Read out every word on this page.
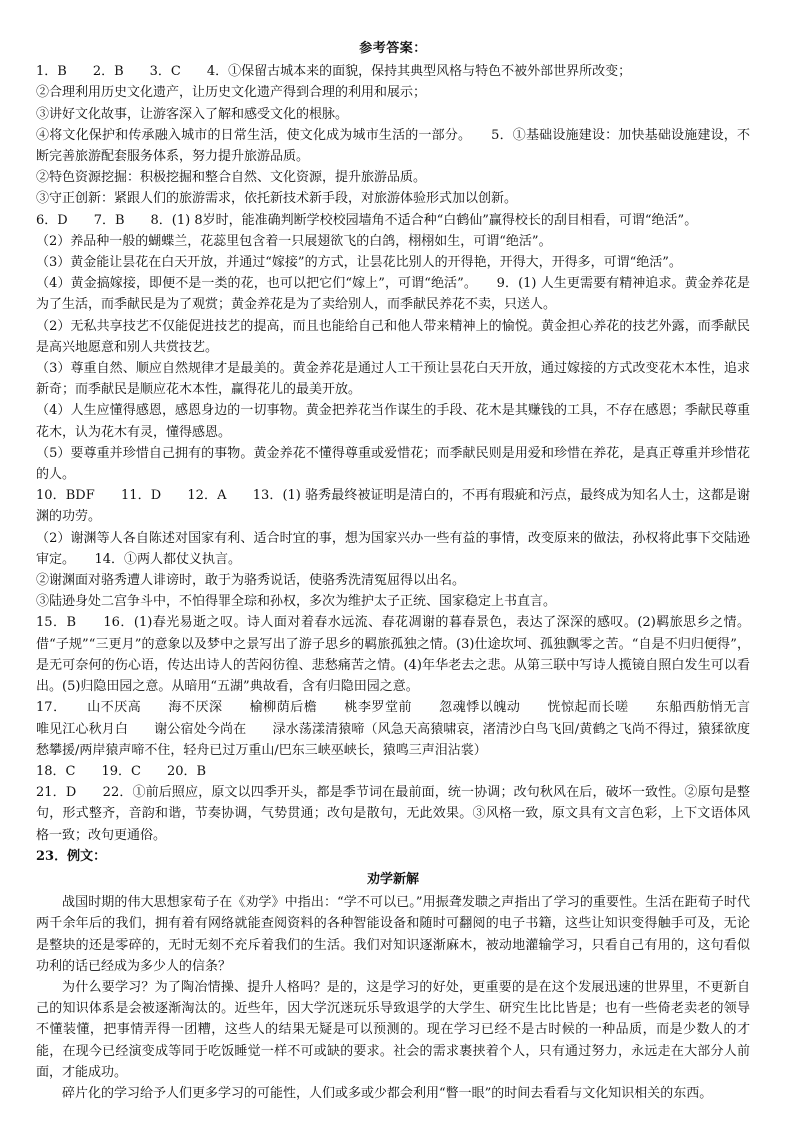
参考答案：

1．B　　2．B　　3．C　　4．①保留古城本来的面貌，保持其典型风格与特色不被外部世界所改变；

②合理利用历史文化遗产，让历史文化遗产得到合理的利用和展示；

③讲好文化故事，让游客深入了解和感受文化的根脉。

④将文化保护和传承融入城市的日常生活，使文化成为城市生活的一部分。　　5．①基础设施建设：加快基础设施建设，不断完善旅游配套服务体系，努力提升旅游品质。

②特色资源挖掘：积极挖掘和整合自然、文化资源，提升旅游品质。

③守正创新：紧跟人们的旅游需求，依托新技术新手段，对旅游体验形式加以创新。

6．D　　7．B　　8．(1) 8岁时，能准确判断学校校园墙角不适合种“白鹤仙”赢得校长的刮目相看，可谓“绝活”。

（2）养品种一般的蝴蝶兰，花蕊里包含着一只展翅欲飞的白鸽，栩栩如生，可谓“绝活”。

（3）黄金能让昙花在白天开放，并通过“嫁接”的方式，让昙花比别人的开得艳，开得大，开得多，可谓“绝活”。

（4）黄金搞嫁接，即便不是一类的花，也可以把它们“嫁上”，可谓“绝活”。　　9．(1) 人生更需要有精神追求。黄金养花是为了生活，而季献民是为了观赏；黄金养花是为了卖给别人，而季献民养花不卖，只送人。

（2）无私共享技艺不仅能促进技艺的提高，而且也能给自己和他人带来精神上的愉悦。黄金担心养花的技艺外露，而季献民是高兴地愿意和别人共赏技艺。

（3）尊重自然、顺应自然规律才是最美的。黄金养花是通过人工干预让昙花白天开放，通过嫁接的方式改变花木本性，追求新奇；而季献民是顺应花木本性，赢得花儿的最美开放。

（4）人生应懂得感恩，感恩身边的一切事物。黄金把养花当作谋生的手段、花木是其赚钱的工具，不存在感恩；季献民尊重花木，认为花木有灵，懂得感恩。

（5）要尊重并珍惜自己拥有的事物。黄金养花不懂得尊重或爱惜花；而季献民则是用爱和珍惜在养花，是真正尊重并珍惜花的人。

10．BDF　　11．D　　12．A　　13．(1) 骆秀最终被证明是清白的，不再有瑕疵和污点，最终成为知名人士，这都是谢渊的功劳。

（2）谢渊等人各自陈述对国家有利、适合时宜的事，想为国家兴办一些有益的事情，改变原来的做法，孙权将此事下交陆逊审定。　　14．①两人都仗义执言。

②谢渊面对骆秀遭人诽谤时，敢于为骆秀说话，使骆秀洗清冤屈得以出名。

③陆逊身处二宫争斗中，不怕得罪全琮和孙权，多次为维护太子正统、国家稳定上书直言。

15．B　　16．(1)春光易逝之叹。诗人面对着春水远流、春花凋谢的暮春景色，表达了深深的感叹。(2)羁旅思乡之情。借“子规”“三更月”的意象以及梦中之景写出了游子思乡的羁旅孤独之情。(3)仕途坎坷、孤独飘零之苦。“自是不归归便得”，是无可奈何的伤心语，传达出诗人的苦闷彷徨、悲愁痛苦之情。(4)年华老去之悲。从第三联中写诗人揽镜自照白发生可以看出。(5)归隐田园之意。从暗用“五湖”典故看，含有归隐田园之意。

17．　　山不厌高　　海不厌深　　榆柳荫后檐　　桃李罗堂前　　忽魂悸以魄动　　恍惊起而长嗟　　东船西舫悄无言　　唯见江心秋月白　　谢公宿处今尚在　　渌水荡漾清猿啼（风急天高猿啸哀，渚清沙白鸟飞回/黄鹤之飞尚不得过，猿猱欲度愁攀援/两岸猿声啼不住，轻舟已过万重山/巴东三峡巫峡长，猿鸣三声泪沾裳）

18．C　　19．C　　20．B

21．D　　22．①前后照应，原文以四季开头，都是季节词在最前面，统一协调；改句秋风在后，破坏一致性。②原句是整句，形式整齐，音韵和谐，节奏协调，气势贯通；改句是散句，无此效果。③风格一致，原文具有文言色彩，上下文语体风格一致；改句更通俗。

23．例文：

劝学新解

战国时期的伟大思想家荀子在《劝学》中指出：“学不可以已。”用振聋发聩之声指出了学习的重要性。生活在距荀子时代两千余年后的我们，拥有着有网络就能查阅资料的各种智能设备和随时可翻阅的电子书籍，这些让知识变得触手可及，无论是整块的还是零碎的，无时无刻不充斥着我们的生活。我们对知识逐渐麻木，被动地灌输学习，只看自己有用的，这句看似功利的话已经成为多少人的信条？

为什么要学习？为了陶冶情操、提升人格吗？是的，这是学习的好处，更重要的是在这个发展迅速的世界里，不更新自己的知识体系是会被逐渐淘汰的。近些年，因大学沉迷玩乐导致退学的大学生、研究生比比皆是；也有一些倚老卖老的领导不懂装懂，把事情弄得一团糟，这些人的结果无疑是可以预测的。现在学习已经不是古时候的一种品质，而是少数人的才能，在现今已经演变成等同于吃饭睡觉一样不可或缺的要求。社会的需求裹挟着个人，只有通过努力，永远走在大部分人前面，才能成功。

碎片化的学习给予人们更多学习的可能性，人们或多或少都会利用“瞥一眼”的时间去看看与文化知识相关的东西。
